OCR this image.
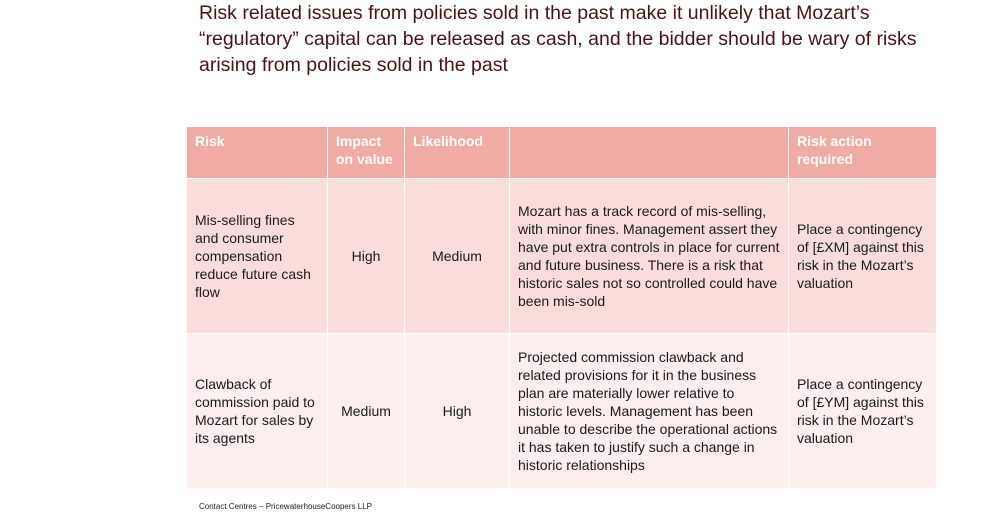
Risk related issues from policies sold in the past make it unlikely that Mozart’s “regulatory” capital can be released as cash, and the bidder should be wary of risks arising from policies sold in the past
Risk	Impact on value	Likelihood		Risk action required
Mis-selling fines and consumer compensation reduce future cash flow	High	Medium	Mozart has a track record of mis-selling, with minor fines. Management assert they have put extra controls in place for current and future business. There is a risk that historic sales not so controlled could have been mis-sold	Place a contingency of [£XM] against this risk in the Mozart’s valuation
Clawback of commission paid to Mozart for sales by its agents	Medium	High	Projected commission clawback and related provisions for it in the business plan are materially lower relative to historic levels. Management has been unable to describe the operational actions it has taken to justify such a change in historic relationships	Place a contingency of [£YM] against this risk in the Mozart’s valuation
Contact Centres – PricewaterhouseCoopers LLP
